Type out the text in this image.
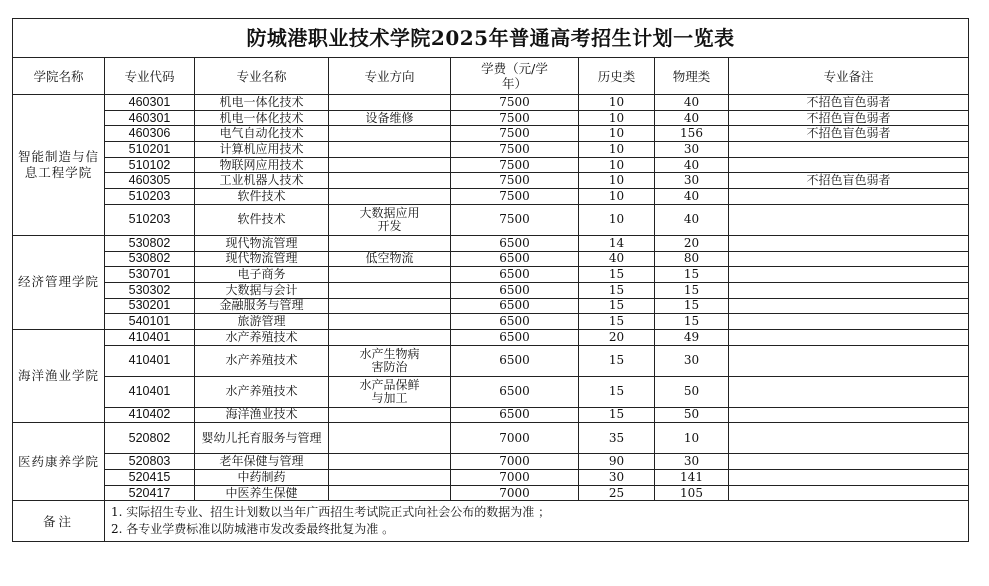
防城港职业技术学院2025年普通高考招生计划一览表							
学院名称	专业代码	专业名称	专业方向	学费（元/学年）	历史类	物理类	专业备注
智能制造与信息工程学院	460301	机电一体化技术		7500	10	40	不招色盲色弱者
	460301	机电一体化技术	设备维修	7500	10	40	不招色盲色弱者
	460306	电气自动化技术		7500	10	156	不招色盲色弱者
	510201	计算机应用技术		7500	10	30	
	510102	物联网应用技术		7500	10	40	
	460305	工业机器人技术		7500	10	30	不招色盲色弱者
	510203	软件技术		7500	10	40	
	510203	软件技术	大数据应用开发	7500	10	40	
经济管理学院	530802	现代物流管理		6500	14	20	
	530802	现代物流管理	低空物流	6500	40	80	
	530701	电子商务		6500	15	15	
	530302	大数据与会计		6500	15	15	
	530201	金融服务与管理		6500	15	15	
	540101	旅游管理		6500	15	15	
海洋渔业学院	410401	水产养殖技术		6500	20	49	
	410401	水产养殖技术	水产生物病害防治	6500	15	30	
	410401	水产养殖技术	水产品保鲜与加工	6500	15	50	
	410402	海洋渔业技术		6500	15	50	
医药康养学院	520802	婴幼儿托育服务与管理		7000	35	10	
	520803	老年保健与管理		7000	90	30	
	520415	中药制药		7000	30	141	
	520417	中医养生保健		7000	25	105	
备注	1. 实际招生专业、招生计划数以当年广西招生考试院正式向社会公布的数据为准 ；
2. 各专业学费标准以防城港市发改委最终批复为准 。						
